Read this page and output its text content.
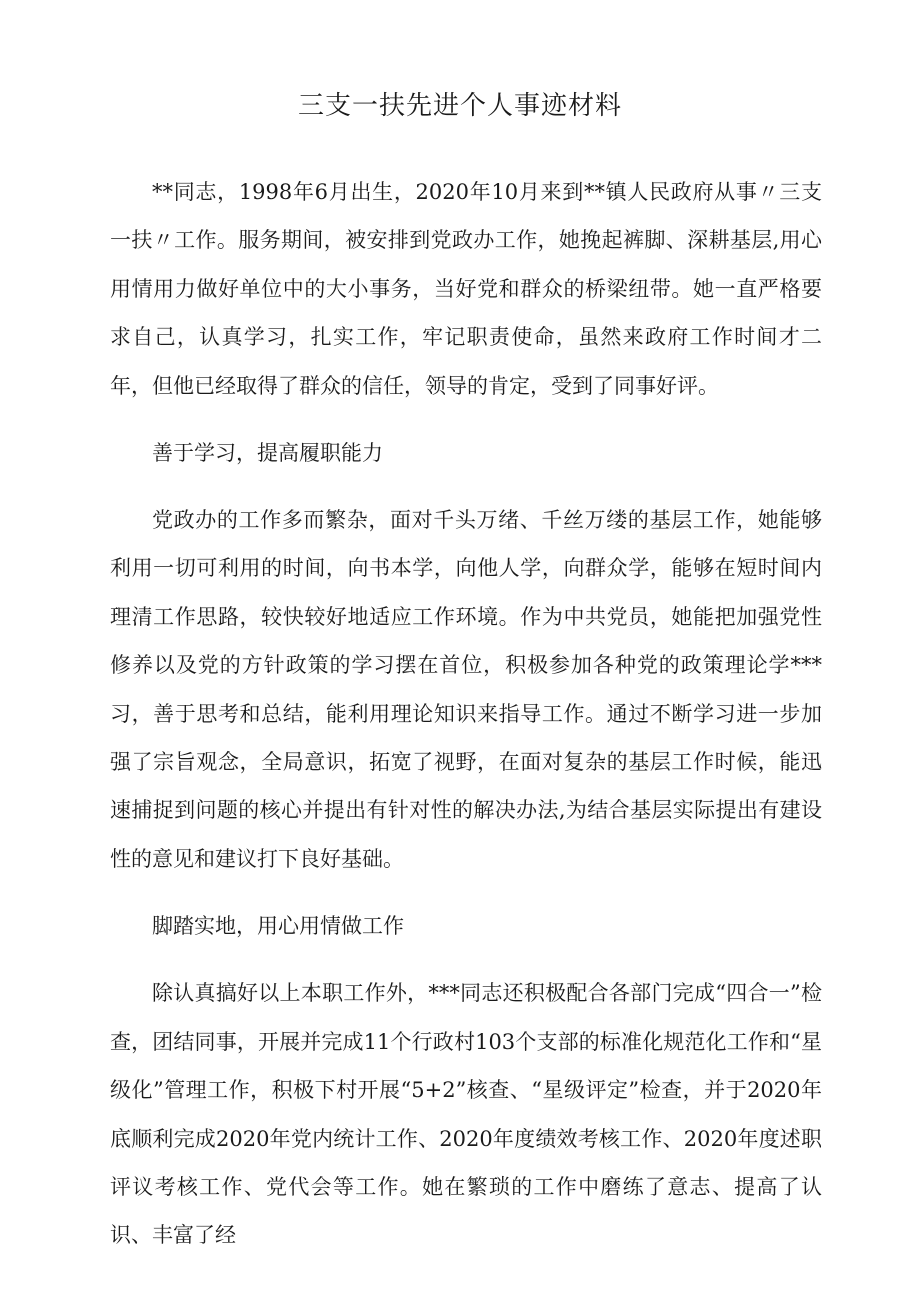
三支一扶先进个人事迹材料

**同志，1998年6月出生，2020年10月来到**镇人民政府从事〃三支一扶〃工作。服务期间，被安排到党政办工作，她挽起裤脚、深耕基层,用心用情用力做好单位中的大小事务，当好党和群众的桥梁纽带。她一直严格要求自己，认真学习，扎实工作，牢记职责使命，虽然来政府工作时间才二年，但他已经取得了群众的信任，领导的肯定，受到了同事好评。

善于学习，提高履职能力

党政办的工作多而繁杂，面对千头万绪、千丝万缕的基层工作，她能够利用一切可利用的时间，向书本学，向他人学，向群众学，能够在短时间内理清工作思路，较快较好地适应工作环境。作为中共党员，她能把加强党性修养以及党的方针政策的学习摆在首位，积极参加各种党的政策理论学***习，善于思考和总结，能利用理论知识来指导工作。通过不断学习进一步加强了宗旨观念，全局意识，拓宽了视野，在面对复杂的基层工作时候，能迅速捕捉到问题的核心并提出有针对性的解决办法,为结合基层实际提出有建设性的意见和建议打下良好基础。

脚踏实地，用心用情做工作

除认真搞好以上本职工作外，***同志还积极配合各部门完成“四合一”检查，团结同事，开展并完成11个行政村103个支部的标准化规范化工作和“星级化”管理工作，积极下村开展“5+2”核查、“星级评定”检查，并于2020年底顺利完成2020年党内统计工作、2020年度绩效考核工作、2020年度述职评议考核工作、党代会等工作。她在繁琐的工作中磨练了意志、提高了认识、丰富了经
